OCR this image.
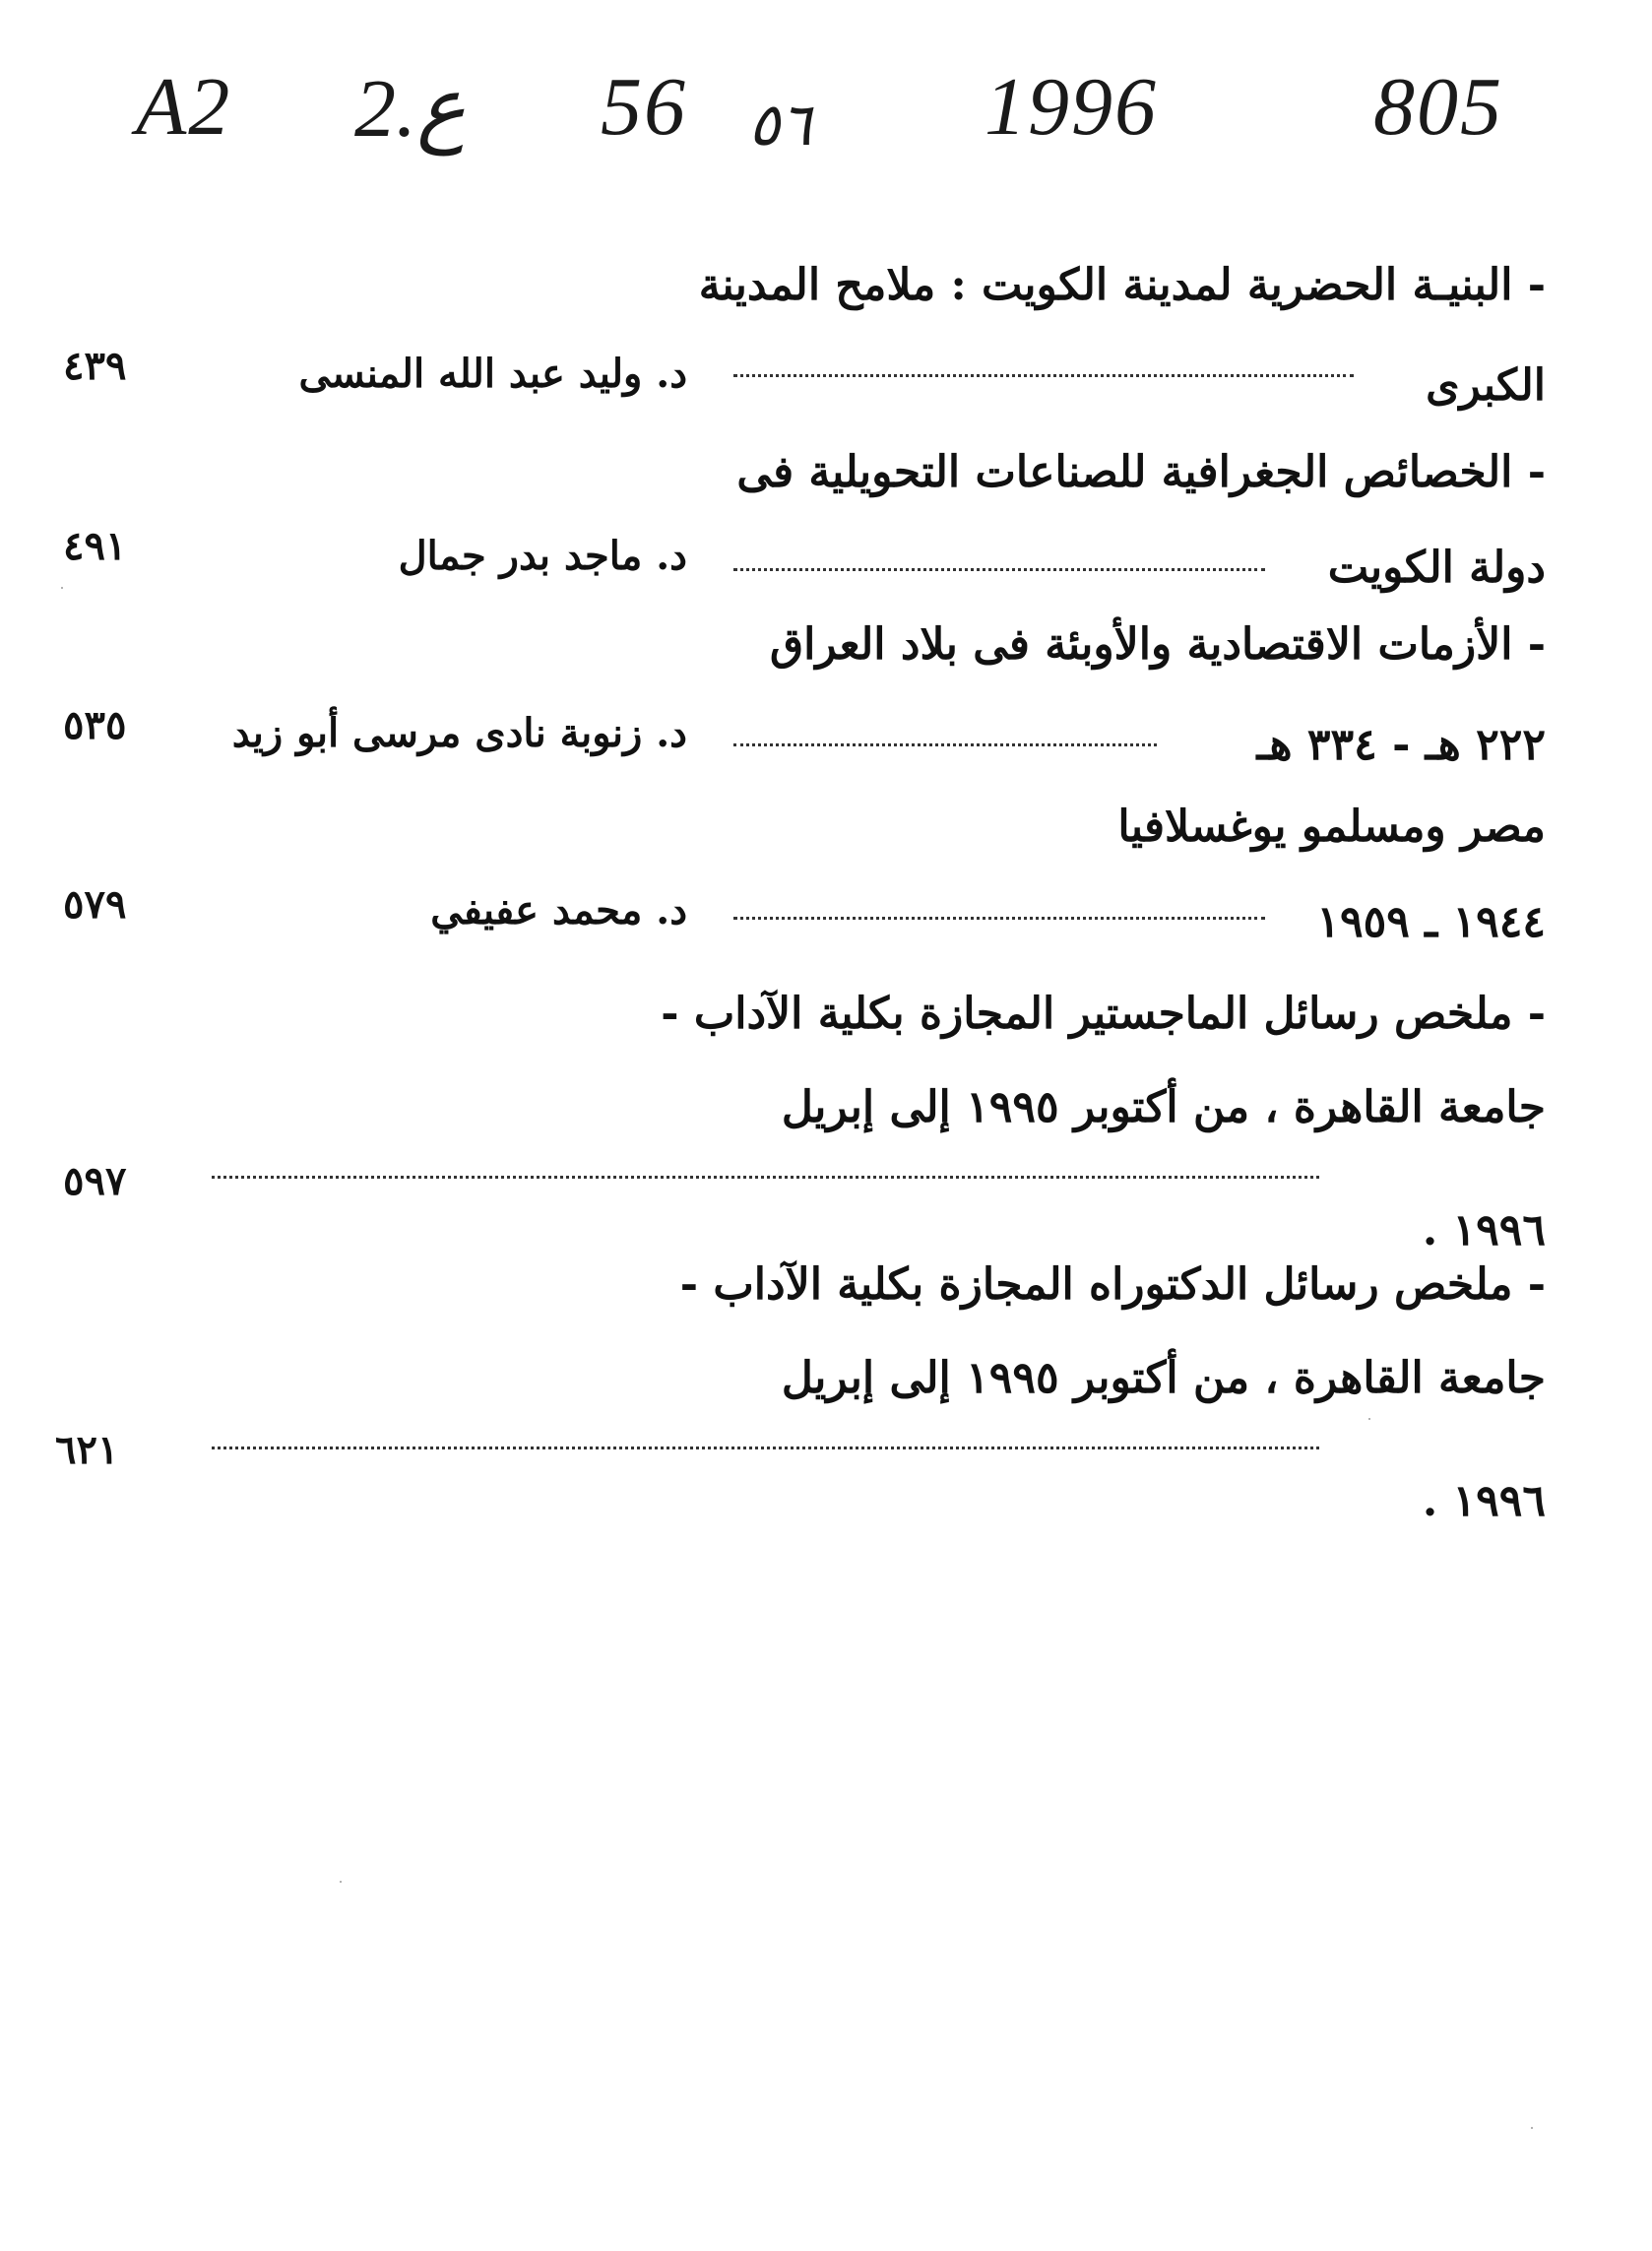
A2 2.ع 56 ٥٦ 1996	805
- البنيـة الحضرية لمدينة الكويت : ملامح المدينة
٤٣٩	د. وليد عبد الله المنسى	الكبرى
- الخصائص الجغرافية للصناعات التحويلية فى
٤٩١	د. ماجد بدر جمال	دولة الكويت
- الأزمات الاقتصادية والأوبئة فى بلاد العراق
٥٣٥	د. زنوبة نادى مرسى أبو زيد	٢٢٢ هـ - ٣٣٤ هـ
مصر ومسلمو يوغسلافيا
٥٧٩	د. محمد عفيفي	١٩٤٤ ـ ١٩٥٩
- ملخص رسائل الماجستير المجازة بكلية الآداب -
جامعة القاهرة ، من أكتوبر ١٩٩٥ إلى إبريل
٥٩٧
١٩٩٦ .
- ملخص رسائل الدكتوراه المجازة بكلية الآداب -
جامعة القاهرة ، من أكتوبر ١٩٩٥ إلى إبريل
٦٢١
١٩٩٦ .
